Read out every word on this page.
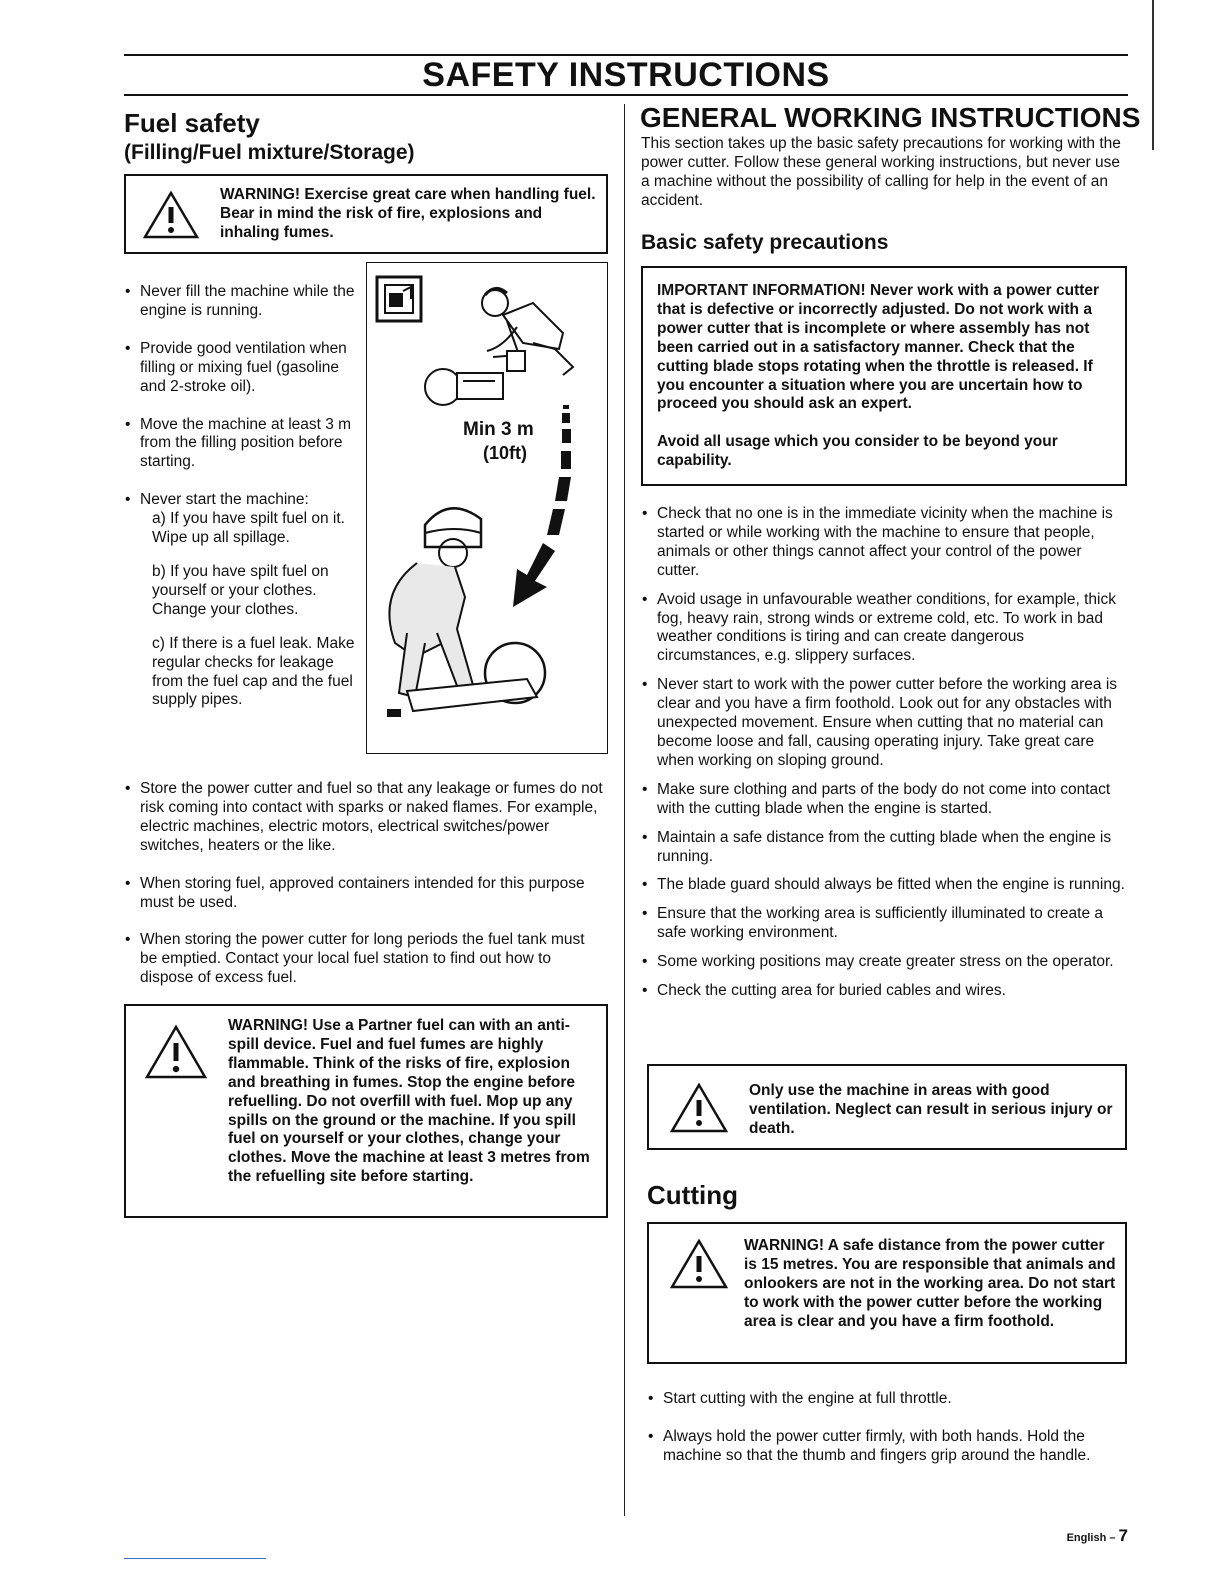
SAFETY INSTRUCTIONS
Fuel safety
(Filling/Fuel mixture/Storage)
WARNING! Exercise great care when handling fuel. Bear in mind the risk of fire, explosions and inhaling fumes.
• Never fill the machine while the engine is running.
• Provide good ventilation when filling or mixing fuel (gasoline and 2-stroke oil).
• Move the machine at least 3 m from the filling position before starting.
• Never start the machine:
a) If you have spilt fuel on it. Wipe up all spillage.
b) If you have spilt fuel on yourself or your clothes. Change your clothes.
c) If there is a fuel leak. Make regular checks for leakage from the fuel cap and the fuel supply pipes.
Min 3 m
(10ft)
• Store the power cutter and fuel so that any leakage or fumes do not risk coming into contact with sparks or naked flames. For example, electric machines, electric motors, electrical switches/power switches, heaters or the like.
• When storing fuel, approved containers intended for this purpose must be used.
• When storing the power cutter for long periods the fuel tank must be emptied. Contact your local fuel station to find out how to dispose of excess fuel.
WARNING! Use a Partner fuel can with an anti-spill device. Fuel and fuel fumes are highly flammable. Think of the risks of fire, explosion and breathing in fumes. Stop the engine before refuelling. Do not overfill with fuel. Mop up any spills on the ground or the machine. If you spill fuel on yourself or your clothes, change your clothes. Move the machine at least 3 metres from the refuelling site before starting.
GENERAL WORKING INSTRUCTIONS
This section takes up the basic safety precautions for working with the power cutter. Follow these general working instructions, but never use a machine without the possibility of calling for help in the event of an accident.
Basic safety precautions
IMPORTANT INFORMATION! Never work with a power cutter that is defective or incorrectly adjusted. Do not work with a power cutter that is incomplete or where assembly has not been carried out in a satisfactory manner. Check that the cutting blade stops rotating when the throttle is released. If you encounter a situation where you are uncertain how to proceed you should ask an expert.
Avoid all usage which you consider to be beyond your capability.
• Check that no one is in the immediate vicinity when the machine is started or while working with the machine to ensure that people, animals or other things cannot affect your control of the power cutter.
• Avoid usage in unfavourable weather conditions, for example, thick fog, heavy rain, strong winds or extreme cold, etc. To work in bad weather conditions is tiring and can create dangerous circumstances, e.g. slippery surfaces.
• Never start to work with the power cutter before the working area is clear and you have a firm foothold. Look out for any obstacles with unexpected movement. Ensure when cutting that no material can become loose and fall, causing operating injury. Take great care when working on sloping ground.
• Make sure clothing and parts of the body do not come into contact with the cutting blade when the engine is started.
• Maintain a safe distance from the cutting blade when the engine is running.
• The blade guard should always be fitted when the engine is running.
• Ensure that the working area is sufficiently illuminated to create a safe working environment.
• Some working positions may create greater stress on the operator.
• Check the cutting area for buried cables and wires.
Only use the machine in areas with good ventilation. Neglect can result in serious injury or death.
Cutting
WARNING! A safe distance from the power cutter is 15 metres. You are responsible that animals and onlookers are not in the working area. Do not start to work with the power cutter before the working area is clear and you have a firm foothold.
• Start cutting with the engine at full throttle.
• Always hold the power cutter firmly, with both hands. Hold the machine so that the thumb and fingers grip around the handle.
English – 7
